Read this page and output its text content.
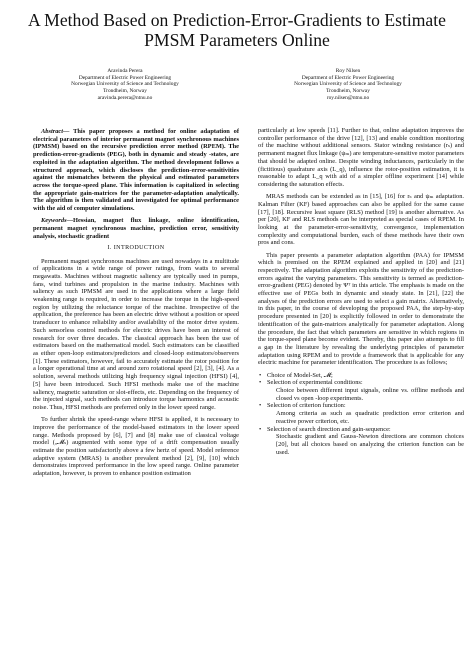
A Method Based on Prediction-Error-Gradients to Estimate PMSM Parameters Online
Aravinda Perera
Department of Electric Power Engineering
Norwegian University of Science and Technology
Trondheim, Norway
aravinda.perera@ntnu.no
Roy Nilsen
Department of Electric Power Engineering
Norwegian University of Science and Technology
Trondheim, Norway
roy.nilsen@ntnu.no

Abstract— This paper proposes a method for online adaptation of electrical parameters of interior permanent magnet synchronous machines (IPMSM) based on the recursive prediction error method (RPEM). The prediction-error-gradients (PEG), both in dynamic and steady -states, are exploited in the adaptation algorithm. The method development follows a structured approach, which discloses the prediction-error-sensitivities against the mismatches between the physical and estimated parameters across the torque-speed plane. This information is capitalized in selecting the appropriate gain-matrices for the parameter-adaptation analytically. The algorithm is then validated and investigated for optimal performance with the aid of computer simulations.

Keywords—Hessian, magnet flux linkage, online identification, permanent magnet synchronous machine, prediction error, sensitivity analysis, stochastic gradient

I. INTRODUCTION

Permanent magnet synchronous machines are used nowadays in a multitude of applications in a wide range of power ratings, from watts to several megawatts. Machines without magnetic saliency are typically used in pumps, fans, wind turbines and propulsion in the marine industry. Machines with saliency as such IPMSM are used in the applications where a large field weakening range is required, in order to increase the torque in the high-speed region by utilizing the reluctance torque of the machine. Irrespective of the application, the preference has been an electric drive without a position or speed transducer to enhance reliability and/or availability of the motor drive system. Such sensorless control methods for electric drives have been an interest of research for over three decades. The classical approach has been the use of estimators based on the mathematical model. Such estimators can be classified as either open-loop estimators/predictors and closed-loop estimators/observers [1]. These estimators, however, fail to accurately estimate the rotor position for a longer operational time at and around zero rotational speed [2], [3], [4]. As a solution, several methods utilizing high frequency signal injection (HFSI) [4], [5] have been introduced. Such HFSI methods make use of the machine saliency, magnetic saturation or slot-effects, etc. Depending on the frequency of the injected signal, such methods can introduce torque harmonics and acoustic noise. Thus, HFSI methods are preferred only in the lower speed range.

To further shrink the speed-range where HFSI is applied, it is necessary to improve the performance of the model-based estimators in the lower speed range. Methods proposed by [6], [7] and [8] make use of classical voltage model (ᵤ𝓜ₛ) augmented with some type of a drift compensation usually estimate the position satisfactorily above a few hertz of speed. Model reference adaptive system (MRAS) is another prevalent method [2], [9], [10] which demonstrates improved performance in the low speed range. Online parameter adaptation, however, is proven to enhance position estimation

particularly at low speeds [11]. Further to that, online adaptation improves the controller performance of the drive [12], [13] and enable condition monitoring of the machine without additional sensors. Stator winding resistance (rₛ) and permanent magnet flux linkage (ψₘ) are temperature-sensitive motor parameters that should be adapted online. Despite winding inductances, particularly in the (fictitious) quadrature axis (L_q), influence the rotor-position estimation, it is reasonable to adapt L_q with aid of a simpler offline experiment [14] while considering the saturation effects.

MRAS methods can be extended as in [15], [16] for rₛ and ψₘ adaptation. Kalman Filter (KF) based approaches can also be applied for the same cause [17], [18]. Recursive least square (RLS) method [19] is another alternative. As per [20], KF and RLS methods can be interpreted as special cases of RPEM. In looking at the parameter-error-sensitivity, convergence, implementation complexity and computational burden, each of these methods have their own pros and cons.

This paper presents a parameter adaptation algorithm (PAA) for IPMSM which is premised on the RPEM explained and applied in [20] and [21] respectively. The adaptation algorithm exploits the sensitivity of the prediction-errors against the varying parameters. This sensitivity is termed as prediction-error-gradient (PEG) denoted by Ψᵀ in this article. The emphasis is made on the effective use of PEGs both in dynamic and steady state. In [21], [22] the analyses of the prediction errors are used to select a gain matrix. Alternatively, in this paper, in the course of developing the proposed PAA, the step-by-step procedure presented in [20] is explicitly followed in order to demonstrate the identification of the gain-matrices analytically for parameter adaptation. Along the procedure, the fact that which parameters are sensitive in which regions in the torque-speed plane become evident. Thereby, this paper also attempts to fill a gap in the literature by revealing the underlying principles of parameter adaptation using RPEM and to provide a framework that is applicable for any electric machine for parameter identification. The procedure is as follows;

• Choice of Model-Set, 𝓜;
• Selection of experimental conditions:
Choice between different input signals, online vs. offline methods and closed vs open -loop experiments.
• Selection of criterion function:
Among criteria as such as quadratic prediction error criterion and reactive power criterion, etc.
• Selection of search direction and gain-sequence:
Stochastic gradient and Gauss-Newton directions are common choices [20], but all choices based on analyzing the criterion function can be used.
